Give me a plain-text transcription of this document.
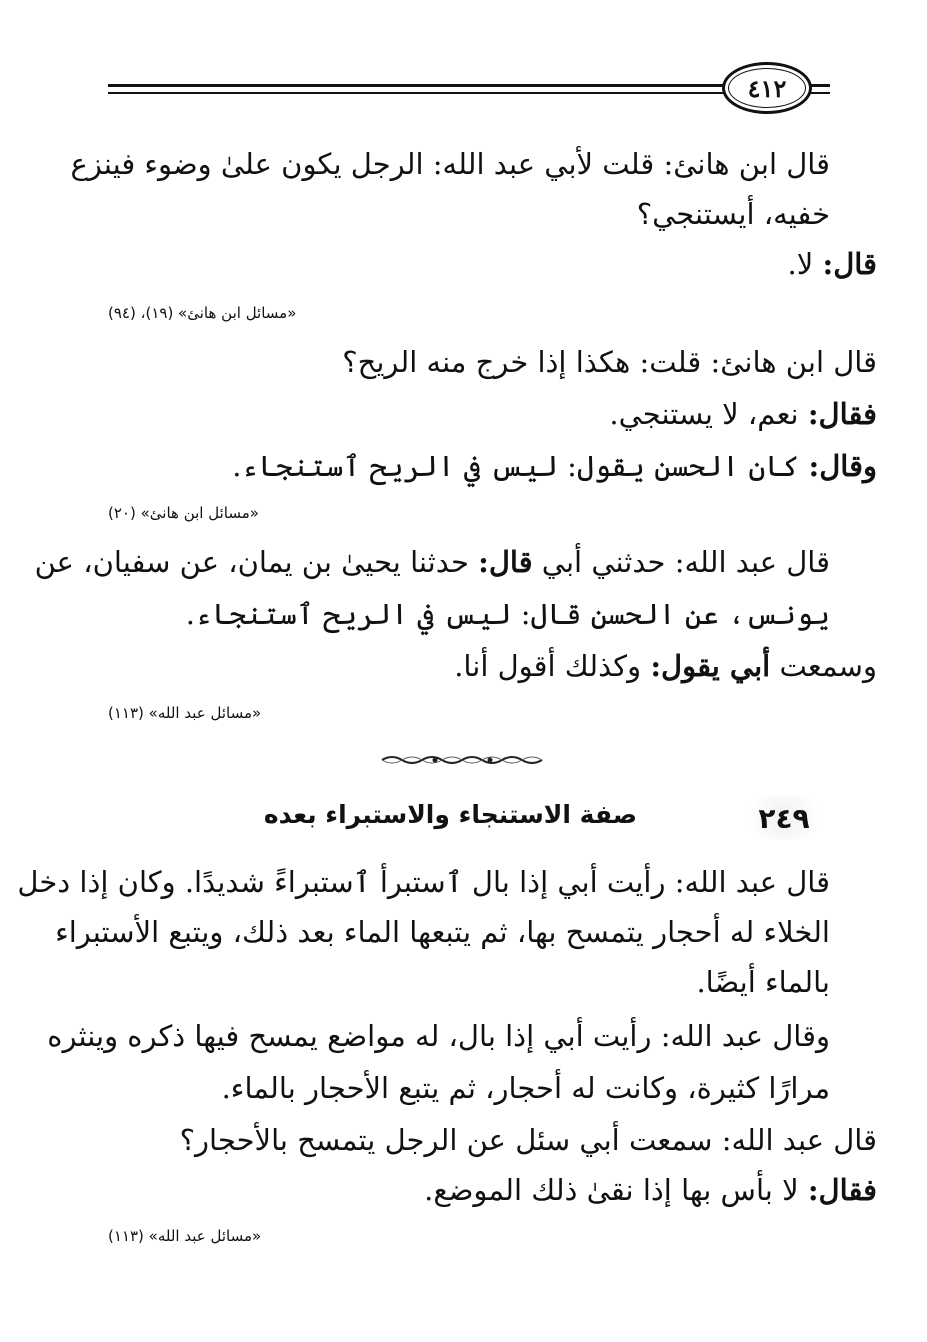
٤١٢
قال ابن هانئ: قلت لأبي عبد الله: الرجل يكون علىٰ وضوء فينزع
خفيه، أيستنجي؟
قال: لا.
«مسائل ابن هانئ» (١٩)، (٩٤)
قال ابن هانئ: قلت: هكذا إذا خرج منه الريح؟
فقال: نعم، لا يستنجي.
وقال: كان الحسن يقول: ليس في الريح ٱستنجاء.
«مسائل ابن هانئ» (٢٠)
قال عبد الله: حدثني أبي قال: حدثنا يحيىٰ بن يمان، عن سفيان، عن
يونس، عن الحسن قال: ليس في الريح ٱستنجاء.
وسمعت أبي يقول: وكذلك أقول أنا.
«مسائل عبد الله» (١١٣)
٢٤٩
صفة الاستنجاء والاستبراء بعده
قال عبد الله: رأيت أبي إذا بال ٱستبرأ ٱستبراءً شديدًا. وكان إذا دخل
الخلاء له أحجار يتمسح بها، ثم يتبعها الماء بعد ذلك، ويتبع الأستبراء
بالماء أيضًا.
وقال عبد الله: رأيت أبي إذا بال، له مواضع يمسح فيها ذكره وينثره
مرارًا كثيرة، وكانت له أحجار، ثم يتبع الأحجار بالماء.
قال عبد الله: سمعت أبي سئل عن الرجل يتمسح بالأحجار؟
فقال: لا بأس بها إذا نقىٰ ذلك الموضع.
«مسائل عبد الله» (١١٣)
